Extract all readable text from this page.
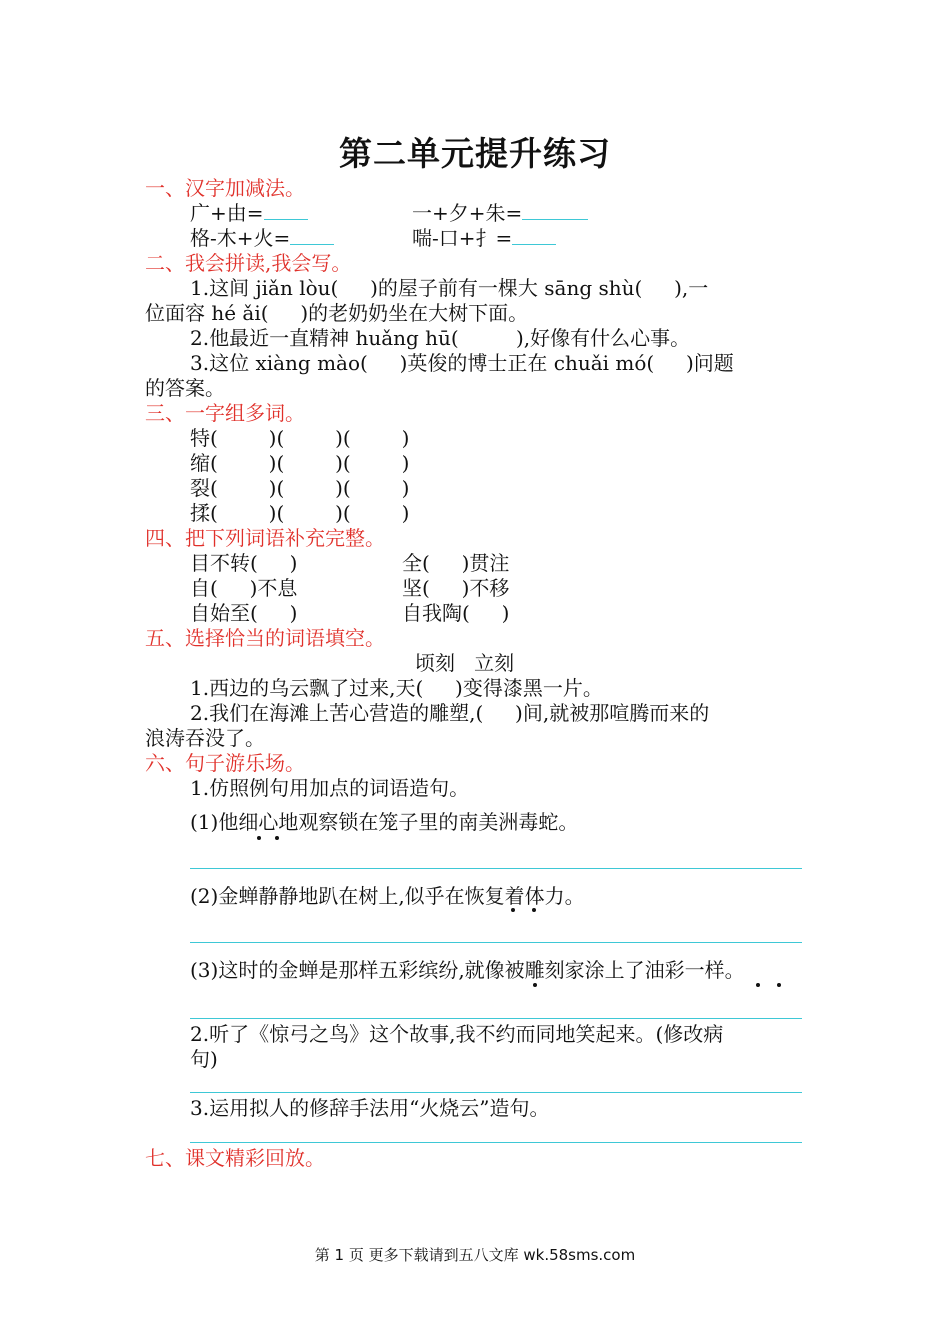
第二单元提升练习
一、汉字加减法。
广+由=	一+夕+朱=
格-木+火=	喘-口+扌=
二、我会拼读,我会写。
1.这间 jiǎn lòu(     )的屋子前有一棵大 sāng shù(     ),一
位面容 hé ǎi(     )的老奶奶坐在大树下面。
2.他最近一直精神 huǎng hū(         ),好像有什么心事。
3.这位 xiàng mào(     )英俊的博士正在 chuǎi mó(     )问题
的答案。
三、一字组多词。
特(        )(        )(        )
缩(        )(        )(        )
裂(        )(        )(        )
揉(        )(        )(        )
四、把下列词语补充完整。
目不转(     )	全(     )贯注
自(     )不息	坚(     )不移
自始至(     )	自我陶(     )
五、选择恰当的词语填空。
顷刻   立刻
1.西边的乌云飘了过来,天(     )变得漆黑一片。
2.我们在海滩上苦心营造的雕塑,(     )间,就被那喧腾而来的
浪涛吞没了。
六、句子游乐场。
1.仿照例句用加点的词语造句。
(1)他细心地观察锁在笼子里的南美洲毒蛇。
(2)金蝉静静地趴在树上,似乎在恢复着体力。
(3)这时的金蝉是那样五彩缤纷,就像被雕刻家涂上了油彩一样。
2.听了《惊弓之鸟》这个故事,我不约而同地笑起来。(修改病
句)
3.运用拟人的修辞手法用“火烧云”造句。
七、课文精彩回放。
第 1 页 更多下载请到五八文库 wk.58sms.com
